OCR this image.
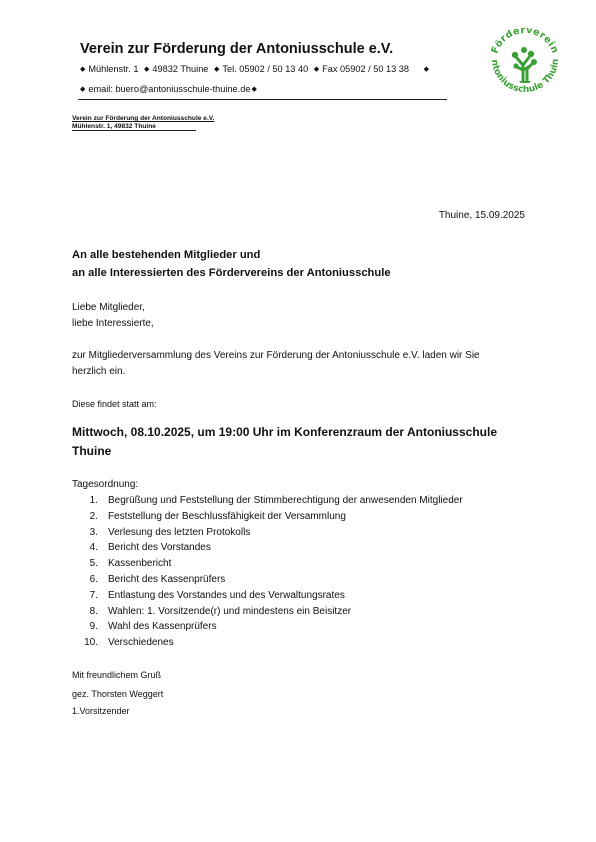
Verein zur Förderung der Antoniusschule e.V.
◆ Mühlenstr. 1 ◆ 49832 Thuine ◆ Tel. 05902 / 50 13 40 ◆ Fax 05902 / 50 13 38 ◆
◆ email: buero@antoniusschule-thuine.de◆
Förderverein
ntoniusschule Thuin
Verein zur Förderung der Antoniusschule e.V.
Mühlenstr. 1, 49832 Thuine
Thuine, 15.09.2025
An alle bestehenden Mitglieder und
an alle Interessierten des Fördervereins der Antoniusschule
Liebe Mitglieder,
liebe Interessierte,
zur Mitgliederversammlung des Vereins zur Förderung der Antoniusschule e.V. laden wir Sie
herzlich ein.
Diese findet statt am:
Mittwoch, 08.10.2025, um 19:00 Uhr im Konferenzraum der Antoniusschule
Thuine
Tagesordnung:
1. Begrüßung und Feststellung der Stimmberechtigung der anwesenden Mitglieder
2. Feststellung der Beschlussfähigkeit der Versammlung
3. Verlesung des letzten Protokolls
4. Bericht des Vorstandes
5. Kassenbericht
6. Bericht des Kassenprüfers
7. Entlastung des Vorstandes und des Verwaltungsrates
8. Wahlen: 1. Vorsitzende(r) und mindestens ein Beisitzer
9. Wahl des Kassenprüfers
10. Verschiedenes
Mit freundlichem Gruß
gez. Thorsten Weggert
1.Vorsitzender
